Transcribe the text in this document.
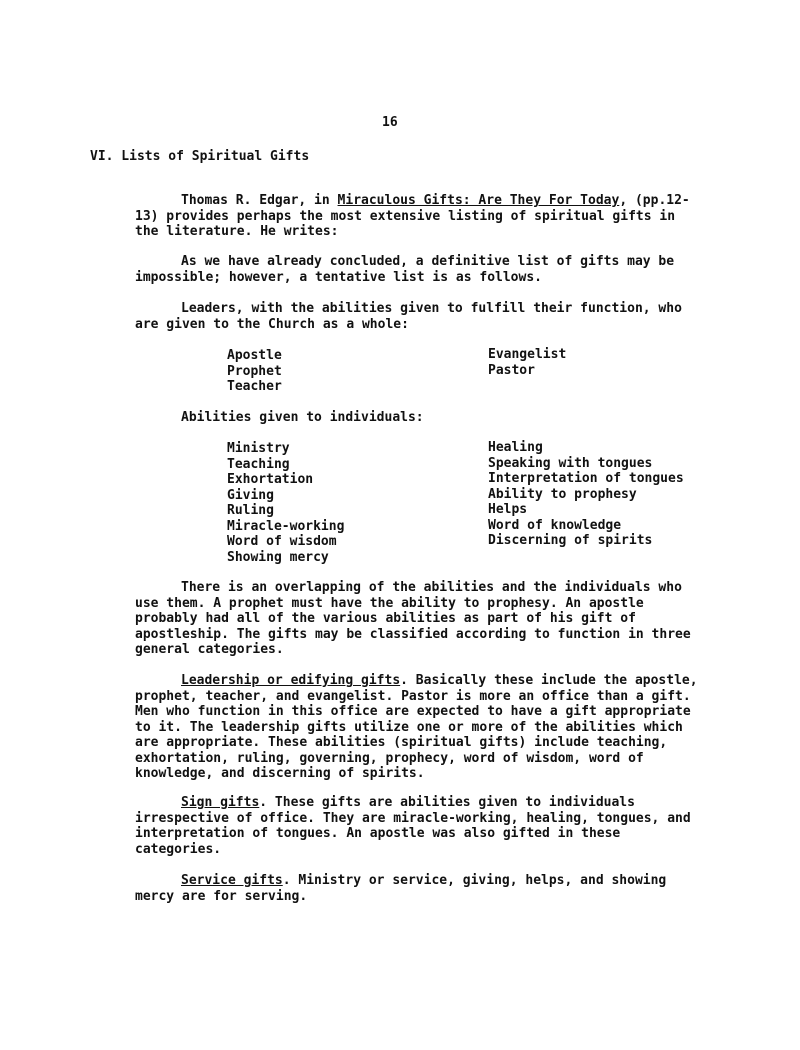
16
VI. Lists of Spiritual Gifts

Thomas R. Edgar, in Miraculous Gifts: Are They For Today, (pp.12-13) provides perhaps the most extensive listing of spiritual gifts in the literature. He writes:

As we have already concluded, a definitive list of gifts may be impossible; however, a tentative list is as follows.

Leaders, with the abilities given to fulfill their function, who are given to the Church as a whole:

Apostle
Prophet
Teacher
Evangelist
Pastor
Abilities given to individuals:
Ministry
Teaching
Exhortation
Giving
Ruling
Miracle-working
Word of wisdom
Showing mercy
Healing
Speaking with tongues
Interpretation of tongues
Ability to prophesy
Helps
Word of knowledge
Discerning of spirits

There is an overlapping of the abilities and the individuals who use them. A prophet must have the ability to prophesy. An apostle probably had all of the various abilities as part of his gift of apostleship. The gifts may be classified according to function in three general categories.

Leadership or edifying gifts. Basically these include the apostle, prophet, teacher, and evangelist. Pastor is more an office than a gift. Men who function in this office are expected to have a gift appropriate to it. The leadership gifts utilize one or more of the abilities which are appropriate. These abilities (spiritual gifts) include teaching, exhortation, ruling, governing, prophecy, word of wisdom, word of knowledge, and discerning of spirits.

Sign gifts. These gifts are abilities given to individuals irrespective of office. They are miracle-working, healing, tongues, and interpretation of tongues. An apostle was also gifted in these categories.

Service gifts. Ministry or service, giving, helps, and showing mercy are for serving.
